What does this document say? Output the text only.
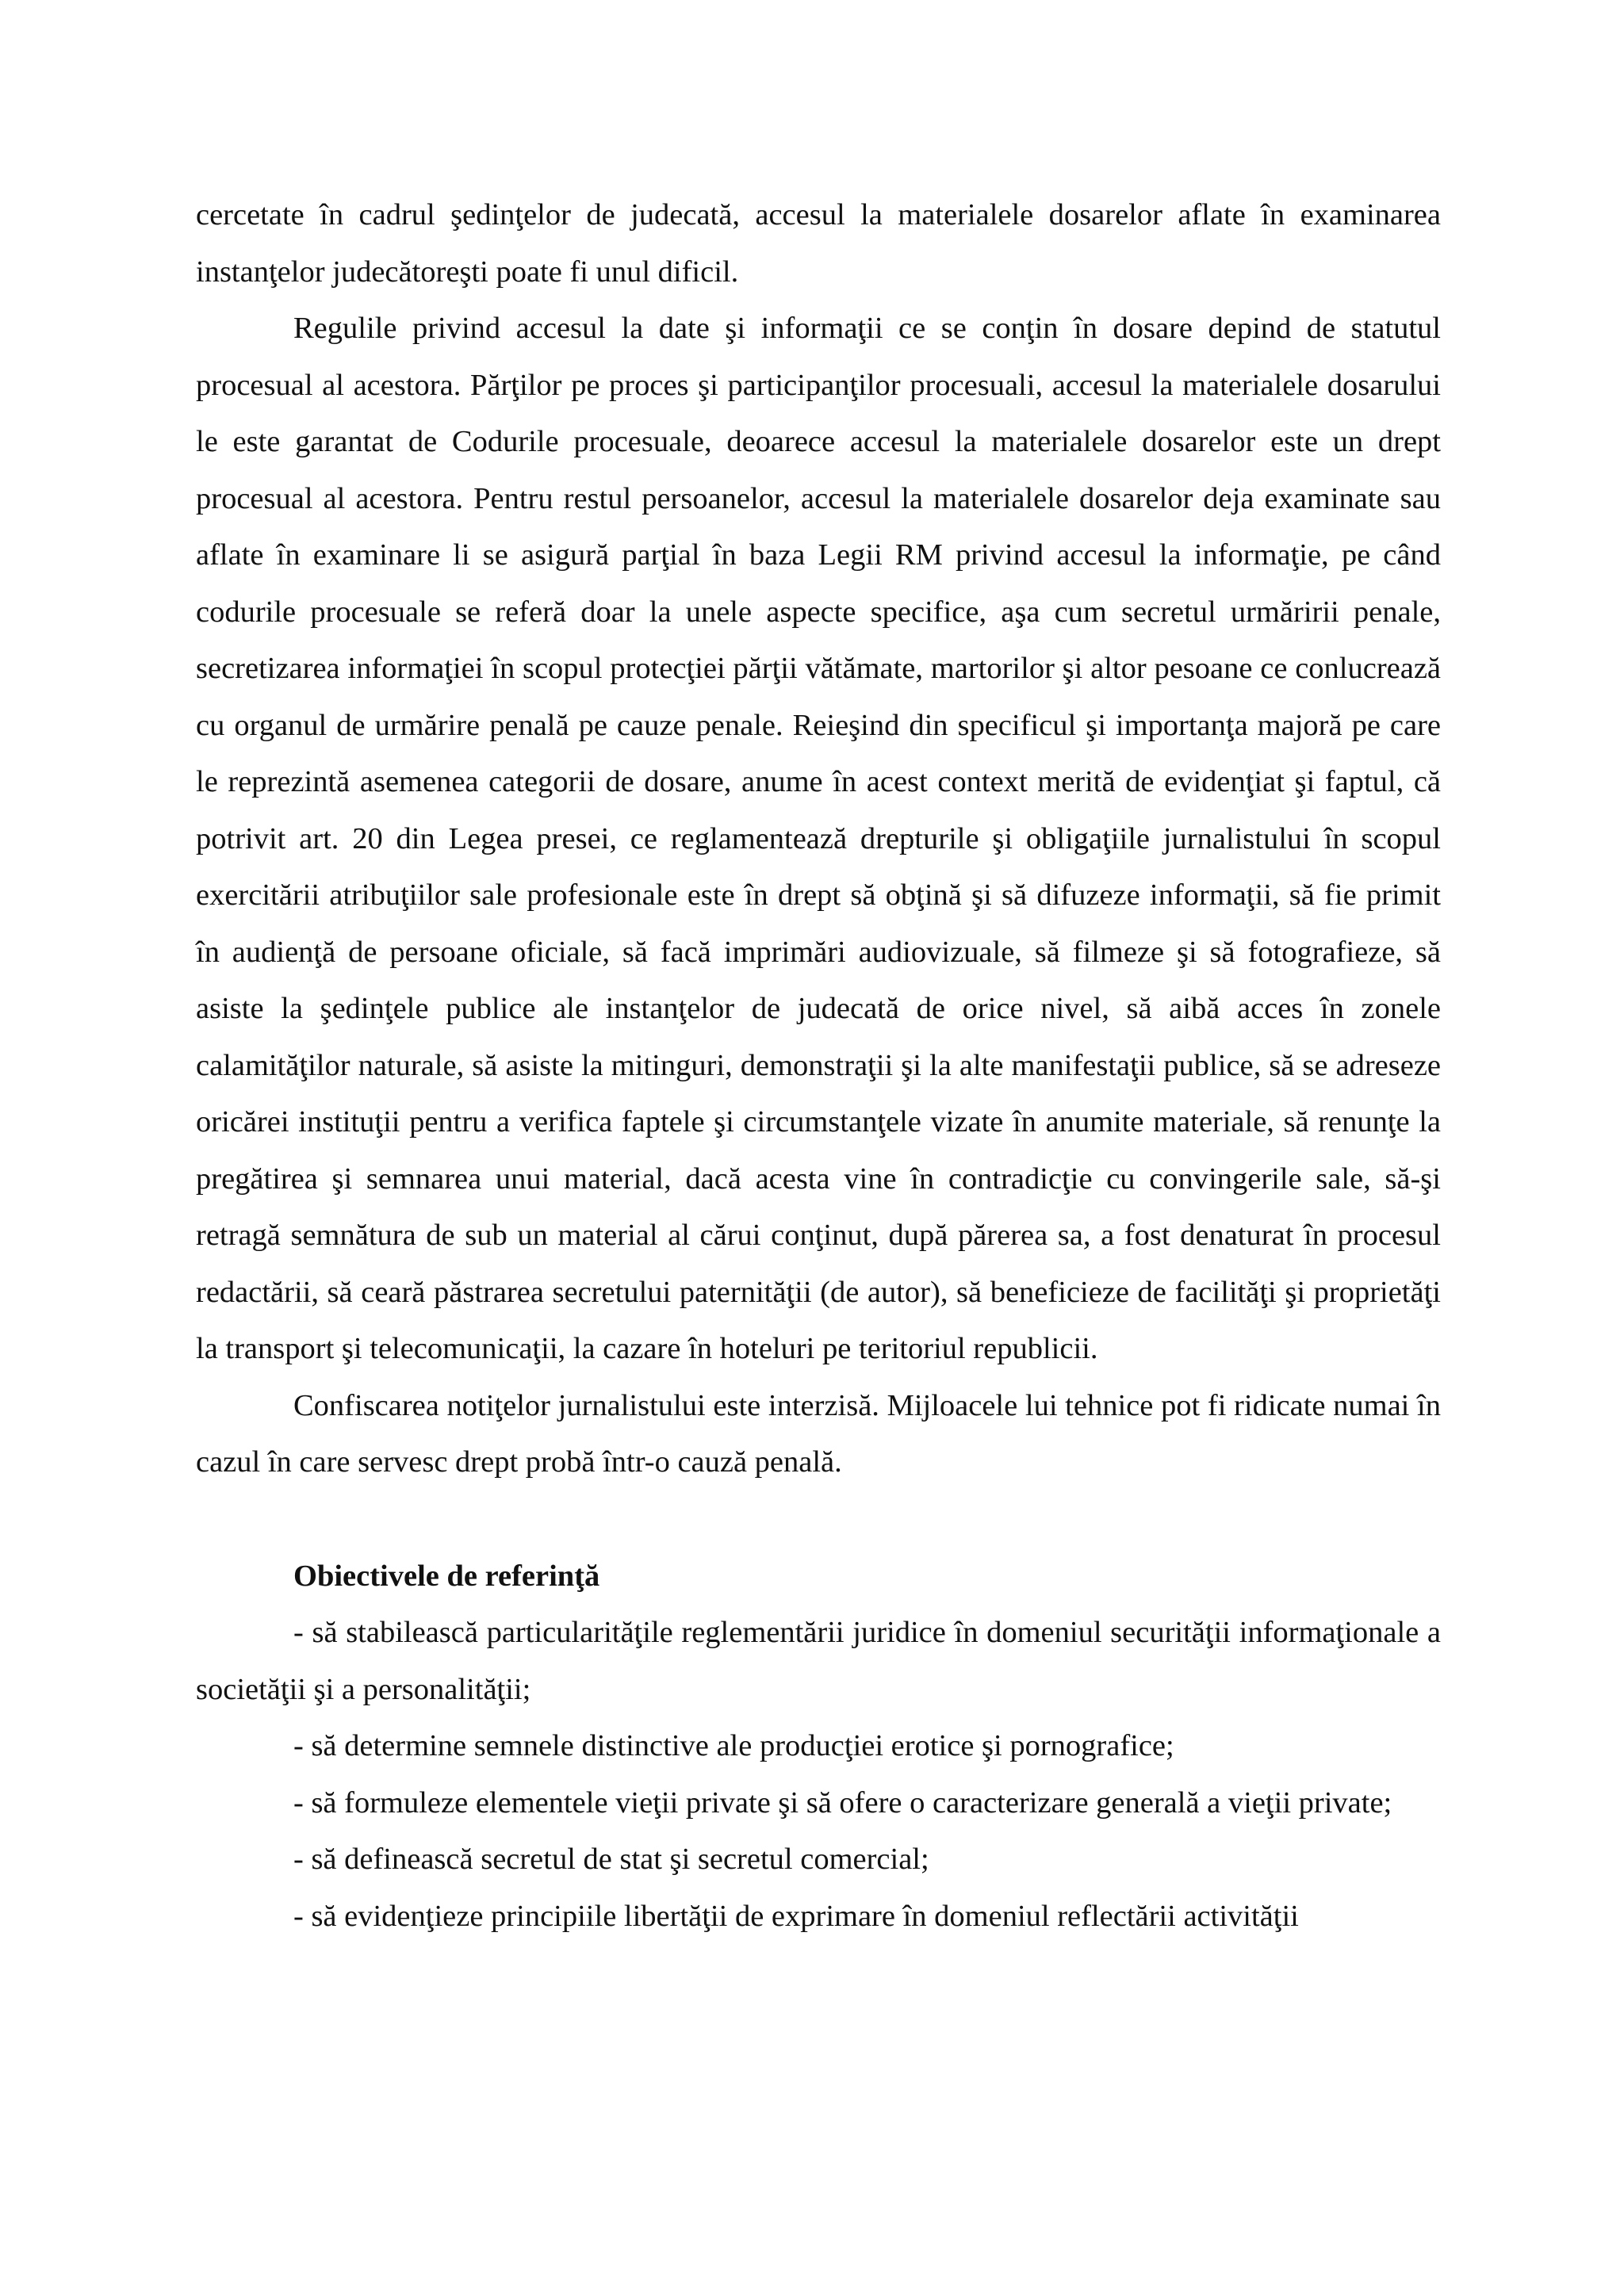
cercetate în cadrul şedinţelor de judecată, accesul la materialele dosarelor aflate în examinarea instanţelor judecătoreşti poate fi unul dificil.

Regulile privind accesul la date şi informaţii ce se conţin în dosare depind de statutul procesual al acestora. Părţilor pe proces şi participanţilor procesuali, accesul la materialele dosarului le este garantat de Codurile procesuale, deoarece accesul la materialele dosarelor este un drept procesual al acestora. Pentru restul persoanelor, accesul la materialele dosarelor deja examinate sau aflate în examinare li se asigură parţial în baza Legii RM privind accesul la informaţie, pe când codurile procesuale se referă doar la unele aspecte specifice, aşa cum secretul urmăririi penale, secretizarea informaţiei în scopul protecţiei părţii vătămate, martorilor şi altor pesoane ce conlucrează cu organul de urmărire penală pe cauze penale. Reieşind din specificul şi importanţa majoră pe care le reprezintă asemenea categorii de dosare, anume în acest context merită de evidenţiat şi faptul, că potrivit art. 20 din Legea presei, ce reglamentează drepturile şi obligaţiile jurnalistului în scopul exercitării atribuţiilor sale profesionale este în drept să obţină şi să difuzeze informaţii, să fie primit în audienţă de persoane oficiale, să facă imprimări audiovizuale, să filmeze şi să fotografieze, să asiste la şedinţele publice ale instanţelor de judecată de orice nivel, să aibă acces în zonele calamităţilor naturale, să asiste la mitinguri, demonstraţii şi la alte manifestaţii publice, să se adreseze oricărei instituţii pentru a verifica faptele şi circumstanţele vizate în anumite materiale, să renunţe la pregătirea şi semnarea unui material, dacă acesta vine în contradicţie cu convingerile sale, să-şi retragă semnătura de sub un material al cărui conţinut, după părerea sa, a fost denaturat în procesul redactării, să ceară păstrarea secretului paternităţii (de autor), să beneficieze de facilităţi şi proprietăţi la transport şi telecomunicaţii, la cazare în hoteluri pe teritoriul republicii.

Confiscarea notiţelor jurnalistului este interzisă. Mijloacele lui tehnice pot fi ridicate numai în cazul în care servesc drept probă într-o cauză penală.

Obiectivele de referinţă

- să stabilească particularităţile reglementării juridice în domeniul securităţii informaţionale a societăţii şi a personalităţii;

- să determine semnele distinctive ale producţiei erotice şi pornografice;

- să formuleze elementele vieţii private şi să ofere o caracterizare generală a vieţii private;

- să definească secretul de stat şi secretul comercial;

- să evidenţieze principiile libertăţii de exprimare în domeniul reflectării activităţii
